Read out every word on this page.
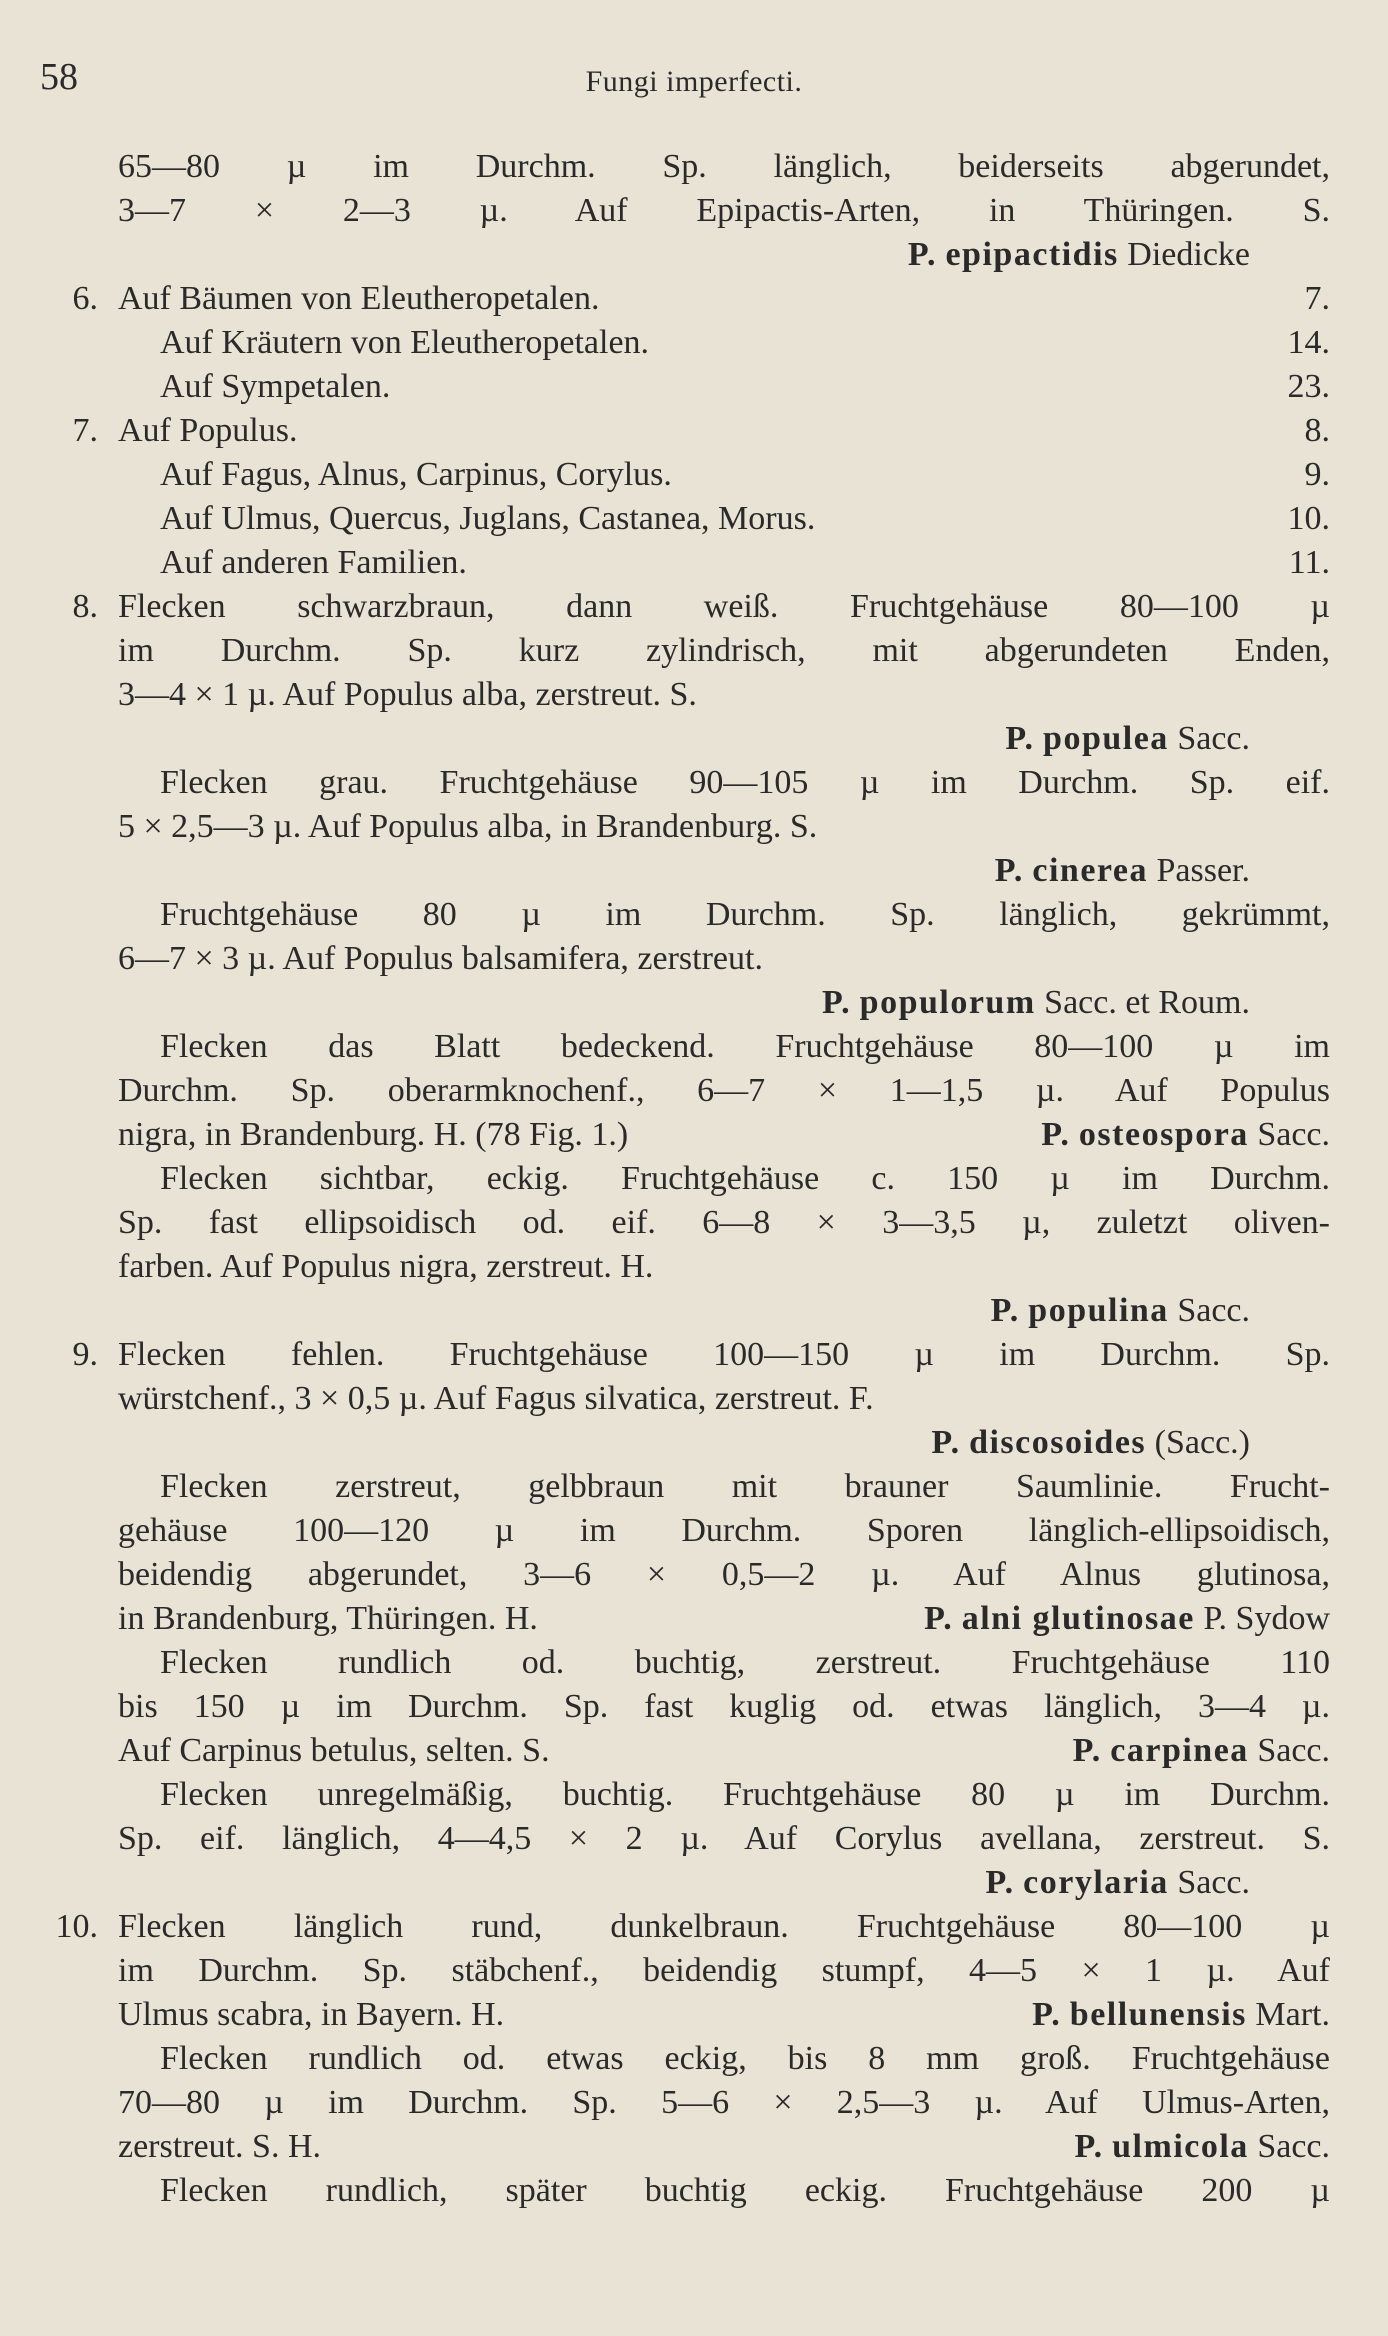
58	Fungi imperfecti.
65—80 µ im Durchm. Sp. länglich, beiderseits abgerundet,
3—7 × 2—3 µ. Auf Epipactis-Arten, in Thüringen. S.
P. epipactidis Diedicke
6. Auf Bäumen von Eleutheropetalen.	7.
Auf Kräutern von Eleutheropetalen.	14.
Auf Sympetalen.	23.
7. Auf Populus.	8.
Auf Fagus, Alnus, Carpinus, Corylus.	9.
Auf Ulmus, Quercus, Juglans, Castanea, Morus.	10.
Auf anderen Familien.	11.
8. Flecken schwarzbraun, dann weiß. Fruchtgehäuse 80—100 µ
im Durchm. Sp. kurz zylindrisch, mit abgerundeten Enden,
3—4 × 1 µ. Auf Populus alba, zerstreut. S.
P. populea Sacc.
Flecken grau. Fruchtgehäuse 90—105 µ im Durchm. Sp. eif.
5 × 2,5—3 µ. Auf Populus alba, in Brandenburg. S.
P. cinerea Passer.
Fruchtgehäuse 80 µ im Durchm. Sp. länglich, gekrümmt,
6—7 × 3 µ. Auf Populus balsamifera, zerstreut.
P. populorum Sacc. et Roum.
Flecken das Blatt bedeckend. Fruchtgehäuse 80—100 µ im
Durchm. Sp. oberarmknochenf., 6—7 × 1—1,5 µ. Auf Populus
nigra, in Brandenburg. H. (78 Fig. 1.)	P. osteospora Sacc.
Flecken sichtbar, eckig. Fruchtgehäuse c. 150 µ im Durchm.
Sp. fast ellipsoidisch od. eif. 6—8 × 3—3,5 µ, zuletzt oliven-
farben. Auf Populus nigra, zerstreut. H.
P. populina Sacc.
9. Flecken fehlen. Fruchtgehäuse 100—150 µ im Durchm. Sp.
würstchenf., 3 × 0,5 µ. Auf Fagus silvatica, zerstreut. F.
P. discosoides (Sacc.)
Flecken zerstreut, gelbbraun mit brauner Saumlinie. Frucht-
gehäuse 100—120 µ im Durchm. Sporen länglich-ellipsoidisch,
beidendig abgerundet, 3—6 × 0,5—2 µ. Auf Alnus glutinosa,
in Brandenburg, Thüringen. H.	P. alni glutinosae P. Sydow
Flecken rundlich od. buchtig, zerstreut. Fruchtgehäuse 110
bis 150 µ im Durchm. Sp. fast kuglig od. etwas länglich, 3—4 µ.
Auf Carpinus betulus, selten. S.	P. carpinea Sacc.
Flecken unregelmäßig, buchtig. Fruchtgehäuse 80 µ im Durchm.
Sp. eif. länglich, 4—4,5 × 2 µ. Auf Corylus avellana, zerstreut. S.
P. corylaria Sacc.
10. Flecken länglich rund, dunkelbraun. Fruchtgehäuse 80—100 µ
im Durchm. Sp. stäbchenf., beidendig stumpf, 4—5 × 1 µ. Auf
Ulmus scabra, in Bayern. H.	P. bellunensis Mart.
Flecken rundlich od. etwas eckig, bis 8 mm groß. Fruchtgehäuse
70—80 µ im Durchm. Sp. 5—6 × 2,5—3 µ. Auf Ulmus-Arten,
zerstreut. S. H.	P. ulmicola Sacc.
Flecken rundlich, später buchtig eckig. Fruchtgehäuse 200 µ
